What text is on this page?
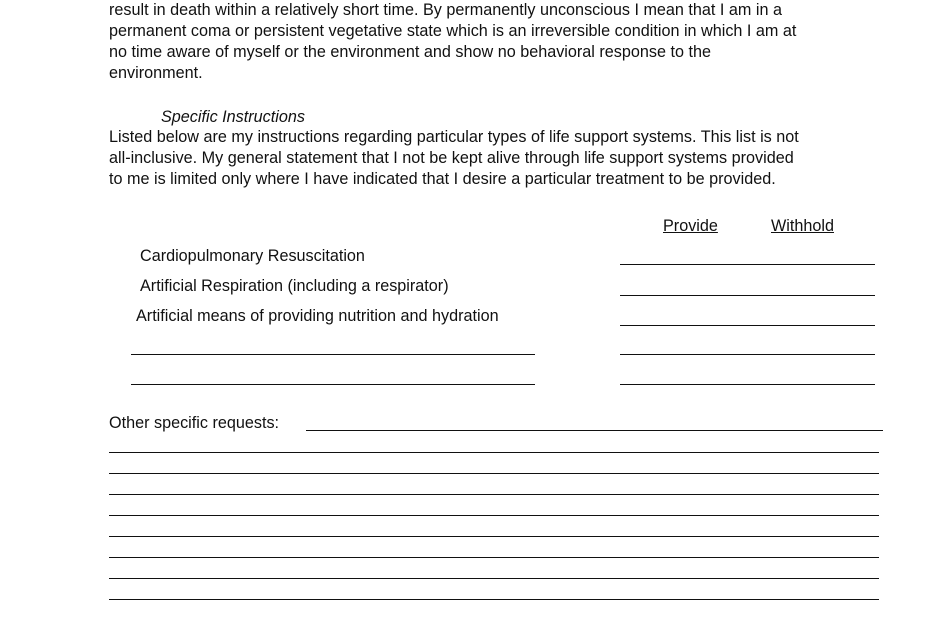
result in death within a relatively short time. By permanently unconscious I mean that I am in a
permanent coma or persistent vegetative state which is an irreversible condition in which I am at
no time aware of myself or the environment and show no behavioral response to the
environment.
Specific Instructions
Listed below are my instructions regarding particular types of life support systems. This list is not
all-inclusive. My general statement that I not be kept alive through life support systems provided
to me is limited only where I have indicated that I desire a particular treatment to be provided.
Provide	Withhold
Cardiopulmonary Resuscitation
Artificial Respiration (including a respirator)
Artificial means of providing nutrition and hydration
Other specific requests:
